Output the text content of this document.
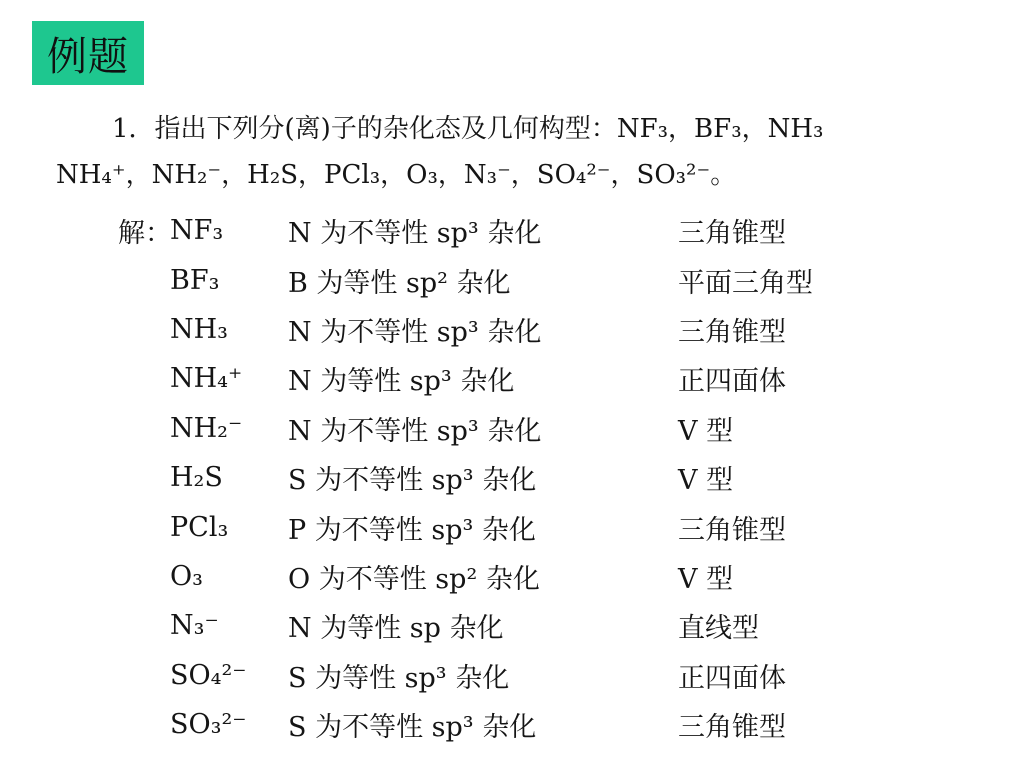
例题
1．指出下列分(离)子的杂化态及几何构型：NF₃，BF₃，NH₃
NH₄⁺，NH₂⁻，H₂S，PCl₃，O₃，N₃⁻，SO₄²⁻，SO₃²⁻。
解：
NF₃	N 为不等性 sp³ 杂化	三角锥型
BF₃	B 为等性 sp² 杂化	平面三角型
NH₃	N 为不等性 sp³ 杂化	三角锥型
NH₄⁺	N 为等性 sp³ 杂化	正四面体
NH₂⁻	N 为不等性 sp³ 杂化	V 型
H₂S	S 为不等性 sp³ 杂化	V 型
PCl₃	P 为不等性 sp³ 杂化	三角锥型
O₃	O 为不等性 sp² 杂化	V 型
N₃⁻	N 为等性 sp 杂化	直线型
SO₄²⁻	S 为等性 sp³ 杂化	正四面体
SO₃²⁻	S 为不等性 sp³ 杂化	三角锥型
